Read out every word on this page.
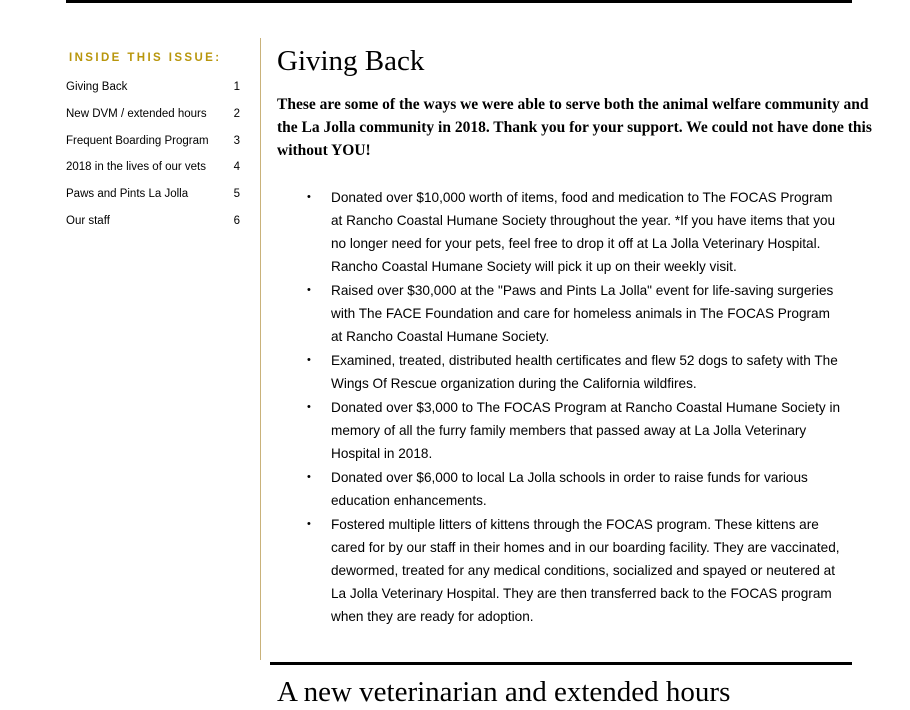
INSIDE THIS ISSUE:
Giving Back	1
New DVM / extended hours 2
Frequent Boarding Program 3
2018 in the lives of our vets 4
Paws and Pints La Jolla	5
Our staff	6
Giving Back

These are some of the ways we were able to serve both the animal welfare community and the La Jolla community in 2018. Thank you for your support. We could not have done this without YOU!

• Donated over $10,000 worth of items, food and medication to The FOCAS Program at Rancho Coastal Humane Society throughout the year. *If you have items that you no longer need for your pets, feel free to drop it off at La Jolla Veterinary Hospital. Rancho Coastal Humane Society will pick it up on their weekly visit.
• Raised over $30,000 at the "Paws and Pints La Jolla" event for life-saving surgeries with The FACE Foundation and care for homeless animals in The FOCAS Program at Rancho Coastal Humane Society.
• Examined, treated, distributed health certificates and flew 52 dogs to safety with The Wings Of Rescue organization during the California wildfires.
• Donated over $3,000 to The FOCAS Program at Rancho Coastal Humane Society in memory of all the furry family members that passed away at La Jolla Veterinary Hospital in 2018.
• Donated over $6,000 to local La Jolla schools in order to raise funds for various education enhancements.
• Fostered multiple litters of kittens through the FOCAS program. These kittens are cared for by our staff in their homes and in our boarding facility. They are vaccinated, dewormed, treated for any medical conditions, socialized and spayed or neutered at La Jolla Veterinary Hospital. They are then transferred back to the FOCAS program when they are ready for adoption.
A new veterinarian and extended hours
